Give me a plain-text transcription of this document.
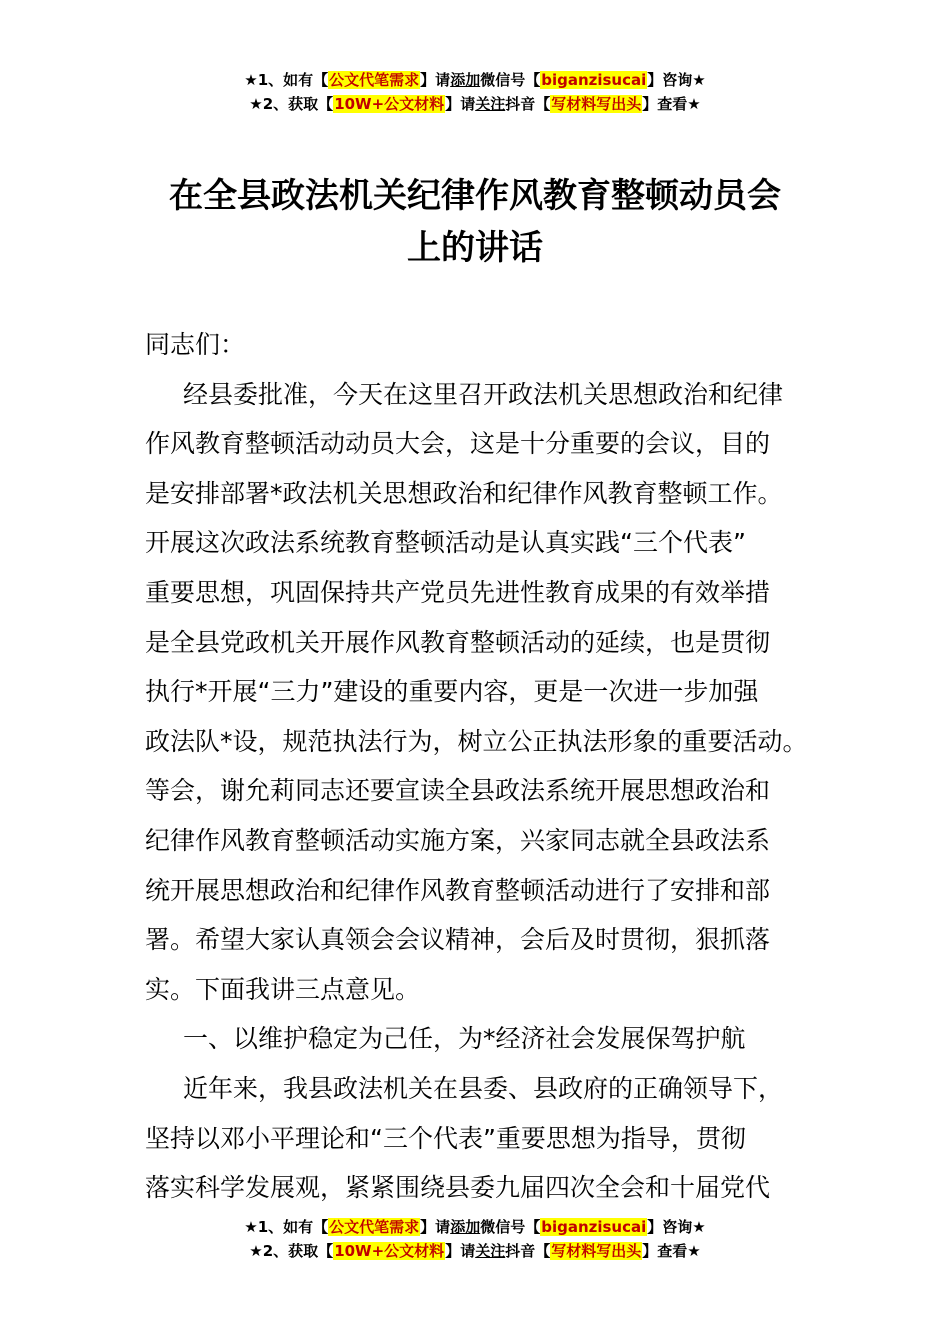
★1、如有【公文代笔需求】请添加微信号【biganzisucai】咨询★
★2、获取【10W+公文材料】请关注抖音【写材料写出头】查看★
在全县政法机关纪律作风教育整顿动员会
上的讲话
同志们：
经县委批准，今天在这里召开政法机关思想政治和纪律
作风教育整顿活动动员大会，这是十分重要的会议，目的
是安排部署*政法机关思想政治和纪律作风教育整顿工作。
开展这次政法系统教育整顿活动是认真实践“三个代表”
重要思想，巩固保持共产党员先进性教育成果的有效举措
是全县党政机关开展作风教育整顿活动的延续，也是贯彻
执行*开展“三力”建设的重要内容，更是一次进一步加强
政法队*设，规范执法行为，树立公正执法形象的重要活动。
等会，谢允莉同志还要宣读全县政法系统开展思想政治和
纪律作风教育整顿活动实施方案，兴家同志就全县政法系
统开展思想政治和纪律作风教育整顿活动进行了安排和部
署。希望大家认真领会会议精神，会后及时贯彻，狠抓落
实。下面我讲三点意见。
一、以维护稳定为己任，为*经济社会发展保驾护航
近年来，我县政法机关在县委、县政府的正确领导下，
坚持以邓小平理论和“三个代表”重要思想为指导，贯彻
落实科学发展观，紧紧围绕县委九届四次全会和十届党代
★1、如有【公文代笔需求】请添加微信号【biganzisucai】咨询★
★2、获取【10W+公文材料】请关注抖音【写材料写出头】查看★
